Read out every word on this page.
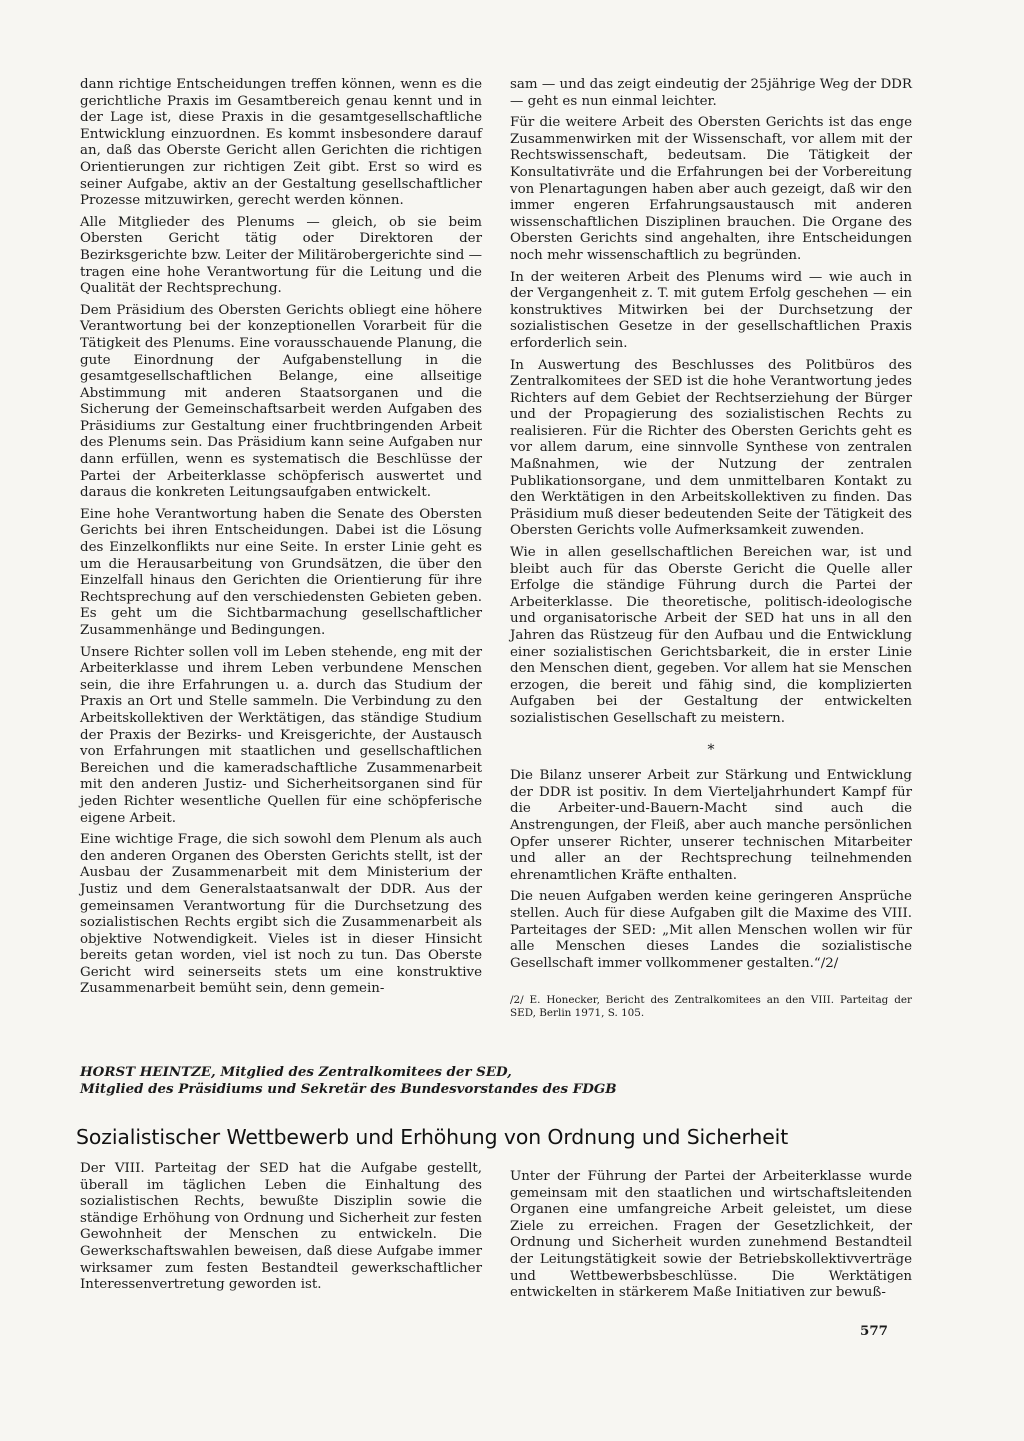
dann richtige Entscheidungen treffen können, wenn es die gerichtliche Praxis im Gesamtbereich genau kennt und in der Lage ist, diese Praxis in die gesamtgesellschaftliche Entwicklung einzuordnen. Es kommt insbesondere darauf an, daß das Oberste Gericht allen Gerichten die richtigen Orientierungen zur richtigen Zeit gibt. Erst so wird es seiner Aufgabe, aktiv an der Gestaltung gesellschaftlicher Prozesse mitzuwirken, gerecht werden können.

Alle Mitglieder des Plenums — gleich, ob sie beim Obersten Gericht tätig oder Direktoren der Bezirksgerichte bzw. Leiter der Militärobergerichte sind — tragen eine hohe Verantwortung für die Leitung und die Qualität der Rechtsprechung.

Dem Präsidium des Obersten Gerichts obliegt eine höhere Verantwortung bei der konzeptionellen Vorarbeit für die Tätigkeit des Plenums. Eine vorausschauende Planung, die gute Einordnung der Aufgabenstellung in die gesamtgesellschaftlichen Belange, eine allseitige Abstimmung mit anderen Staatsorganen und die Sicherung der Gemeinschaftsarbeit werden Aufgaben des Präsidiums zur Gestaltung einer fruchtbringenden Arbeit des Plenums sein. Das Präsidium kann seine Aufgaben nur dann erfüllen, wenn es systematisch die Beschlüsse der Partei der Arbeiterklasse schöpferisch auswertet und daraus die konkreten Leitungsaufgaben entwickelt.

Eine hohe Verantwortung haben die Senate des Obersten Gerichts bei ihren Entscheidungen. Dabei ist die Lösung des Einzelkonflikts nur eine Seite. In erster Linie geht es um die Herausarbeitung von Grundsätzen, die über den Einzelfall hinaus den Gerichten die Orientierung für ihre Rechtsprechung auf den verschiedensten Gebieten geben. Es geht um die Sichtbarmachung gesellschaftlicher Zusammenhänge und Bedingungen.

Unsere Richter sollen voll im Leben stehende, eng mit der Arbeiterklasse und ihrem Leben verbundene Menschen sein, die ihre Erfahrungen u. a. durch das Studium der Praxis an Ort und Stelle sammeln. Die Verbindung zu den Arbeitskollektiven der Werktätigen, das ständige Studium der Praxis der Bezirks- und Kreisgerichte, der Austausch von Erfahrungen mit staatlichen und gesellschaftlichen Bereichen und die kameradschaftliche Zusammenarbeit mit den anderen Justiz- und Sicherheitsorganen sind für jeden Richter wesentliche Quellen für eine schöpferische eigene Arbeit.

Eine wichtige Frage, die sich sowohl dem Plenum als auch den anderen Organen des Obersten Gerichts stellt, ist der Ausbau der Zusammenarbeit mit dem Ministerium der Justiz und dem Generalstaatsanwalt der DDR. Aus der gemeinsamen Verantwortung für die Durchsetzung des sozialistischen Rechts ergibt sich die Zusammenarbeit als objektive Notwendigkeit. Vieles ist in dieser Hinsicht bereits getan worden, viel ist noch zu tun. Das Oberste Gericht wird seinerseits stets um eine konstruktive Zusammenarbeit bemüht sein, denn gemein-

sam — und das zeigt eindeutig der 25jährige Weg der DDR — geht es nun einmal leichter.

Für die weitere Arbeit des Obersten Gerichts ist das enge Zusammenwirken mit der Wissenschaft, vor allem mit der Rechtswissenschaft, bedeutsam. Die Tätigkeit der Konsultativräte und die Erfahrungen bei der Vorbereitung von Plenartagungen haben aber auch gezeigt, daß wir den immer engeren Erfahrungsaustausch mit anderen wissenschaftlichen Disziplinen brauchen. Die Organe des Obersten Gerichts sind angehalten, ihre Entscheidungen noch mehr wissenschaftlich zu begründen.

In der weiteren Arbeit des Plenums wird — wie auch in der Vergangenheit z. T. mit gutem Erfolg geschehen — ein konstruktives Mitwirken bei der Durchsetzung der sozialistischen Gesetze in der gesellschaftlichen Praxis erforderlich sein.

In Auswertung des Beschlusses des Politbüros des Zentralkomitees der SED ist die hohe Verantwortung jedes Richters auf dem Gebiet der Rechtserziehung der Bürger und der Propagierung des sozialistischen Rechts zu realisieren. Für die Richter des Obersten Gerichts geht es vor allem darum, eine sinnvolle Synthese von zentralen Maßnahmen, wie der Nutzung der zentralen Publikationsorgane, und dem unmittelbaren Kontakt zu den Werktätigen in den Arbeitskollektiven zu finden. Das Präsidium muß dieser bedeutenden Seite der Tätigkeit des Obersten Gerichts volle Aufmerksamkeit zuwenden.

Wie in allen gesellschaftlichen Bereichen war, ist und bleibt auch für das Oberste Gericht die Quelle aller Erfolge die ständige Führung durch die Partei der Arbeiterklasse. Die theoretische, politisch-ideologische und organisatorische Arbeit der SED hat uns in all den Jahren das Rüstzeug für den Aufbau und die Entwicklung einer sozialistischen Gerichtsbarkeit, die in erster Linie den Menschen dient, gegeben. Vor allem hat sie Menschen erzogen, die bereit und fähig sind, die komplizierten Aufgaben bei der Gestaltung der entwickelten sozialistischen Gesellschaft zu meistern.

*

Die Bilanz unserer Arbeit zur Stärkung und Entwicklung der DDR ist positiv. In dem Vierteljahrhundert Kampf für die Arbeiter-und-Bauern-Macht sind auch die Anstrengungen, der Fleiß, aber auch manche persönlichen Opfer unserer Richter, unserer technischen Mitarbeiter und aller an der Rechtsprechung teilnehmenden ehrenamtlichen Kräfte enthalten.

Die neuen Aufgaben werden keine geringeren Ansprüche stellen. Auch für diese Aufgaben gilt die Maxime des VIII. Parteitages der SED: „Mit allen Menschen wollen wir für alle Menschen dieses Landes die sozialistische Gesellschaft immer vollkommener gestalten.“/2/

/2/ E. Honecker, Bericht des Zentralkomitees an den VIII. Parteitag der SED, Berlin 1971, S. 105.
HORST HEINTZE, Mitglied des Zentralkomitees der SED,
Mitglied des Präsidiums und Sekretär des Bundesvorstandes des FDGB
Sozialistischer Wettbewerb und Erhöhung von Ordnung und Sicherheit

Der VIII. Parteitag der SED hat die Aufgabe gestellt, überall im täglichen Leben die Einhaltung des sozialistischen Rechts, bewußte Disziplin sowie die ständige Erhöhung von Ordnung und Sicherheit zur festen Gewohnheit der Menschen zu entwickeln. Die Gewerkschaftswahlen beweisen, daß diese Aufgabe immer wirksamer zum festen Bestandteil gewerkschaftlicher Interessenvertretung geworden ist.

Unter der Führung der Partei der Arbeiterklasse wurde gemeinsam mit den staatlichen und wirtschaftsleitenden Organen eine umfangreiche Arbeit geleistet, um diese Ziele zu erreichen. Fragen der Gesetzlichkeit, der Ordnung und Sicherheit wurden zunehmend Bestandteil der Leitungstätigkeit sowie der Betriebskollektivverträge und Wettbewerbsbeschlüsse. Die Werktätigen entwickelten in stärkerem Maße Initiativen zur bewuß-

577
